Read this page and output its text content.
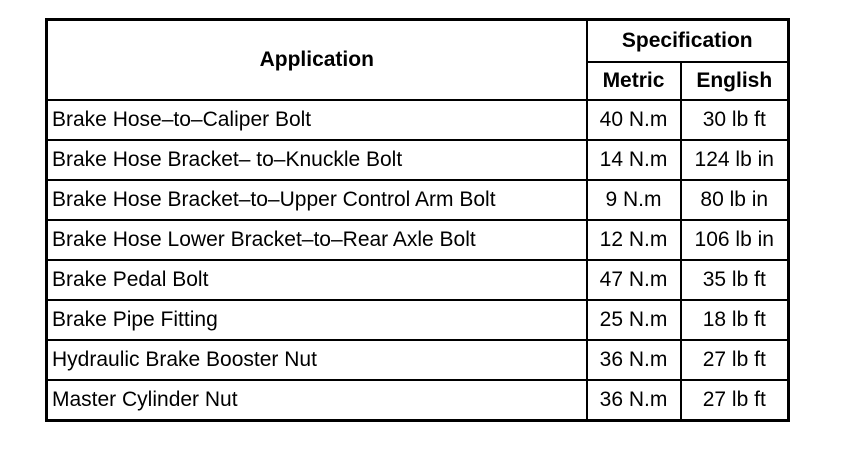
Application	Specification	
	Metric	English
Brake Hose–to–Caliper Bolt	40 N.m	30 lb ft
Brake Hose Bracket– to–Knuckle Bolt	14 N.m	124 lb in
Brake Hose Bracket–to–Upper Control Arm Bolt	9 N.m	80 lb in
Brake Hose Lower Bracket–to–Rear Axle Bolt	12 N.m	106 lb in
Brake Pedal Bolt	47 N.m	35 lb ft
Brake Pipe Fitting	25 N.m	18 lb ft
Hydraulic Brake Booster Nut	36 N.m	27 lb ft
Master Cylinder Nut	36 N.m	27 lb ft
